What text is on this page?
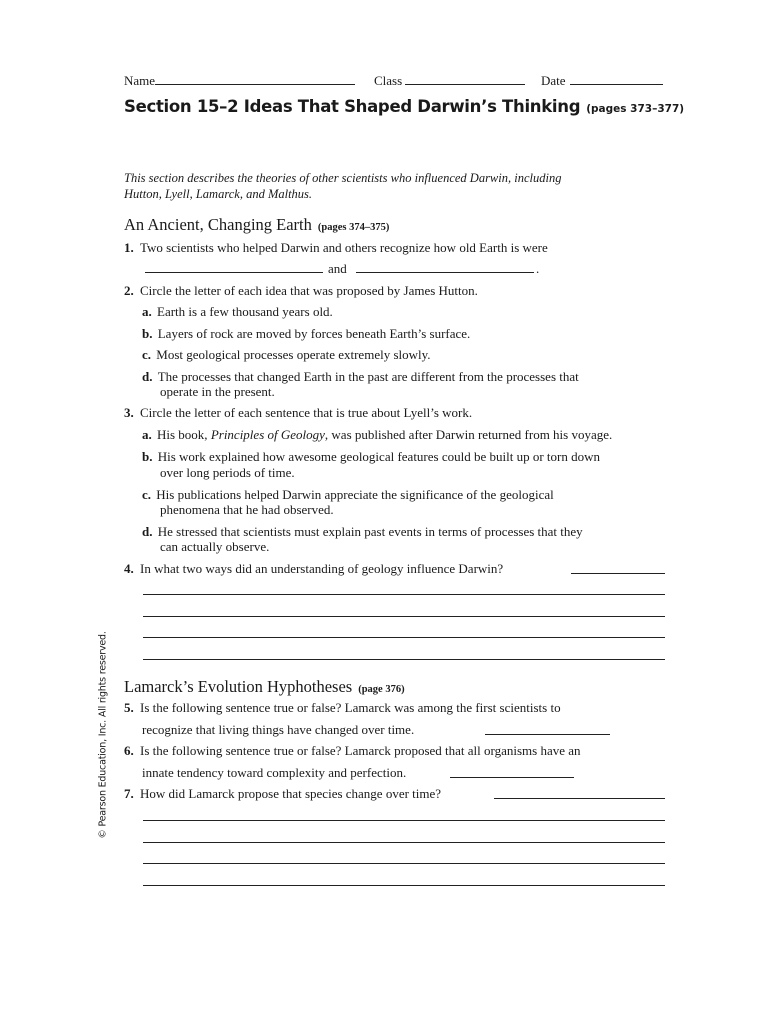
Name	Class	Date
Section 15–2 Ideas That Shaped Darwin’s Thinking (pages 373–377)
This section describes the theories of other scientists who influenced Darwin, including Hutton, Lyell, Lamarck, and Malthus.
An Ancient, Changing Earth (pages 374–375)
1. Two scientists who helped Darwin and others recognize how old Earth is were
and	.
2. Circle the letter of each idea that was proposed by James Hutton.
a. Earth is a few thousand years old.
b. Layers of rock are moved by forces beneath Earth’s surface.
c. Most geological processes operate extremely slowly.
d. The processes that changed Earth in the past are different from the processes that
operate in the present.
3. Circle the letter of each sentence that is true about Lyell’s work.
a. His book, Principles of Geology, was published after Darwin returned from his voyage.
b. His work explained how awesome geological features could be built up or torn down
over long periods of time.
c. His publications helped Darwin appreciate the significance of the geological
phenomena that he had observed.
d. He stressed that scientists must explain past events in terms of processes that they
can actually observe.
4. In what two ways did an understanding of geology influence Darwin?
Lamarck’s Evolution Hyphotheses (page 376)
5. Is the following sentence true or false? Lamarck was among the first scientists to
recognize that living things have changed over time.
6. Is the following sentence true or false? Lamarck proposed that all organisms have an
innate tendency toward complexity and perfection.
7. How did Lamarck propose that species change over time?
© Pearson Education, Inc. All rights reserved.
